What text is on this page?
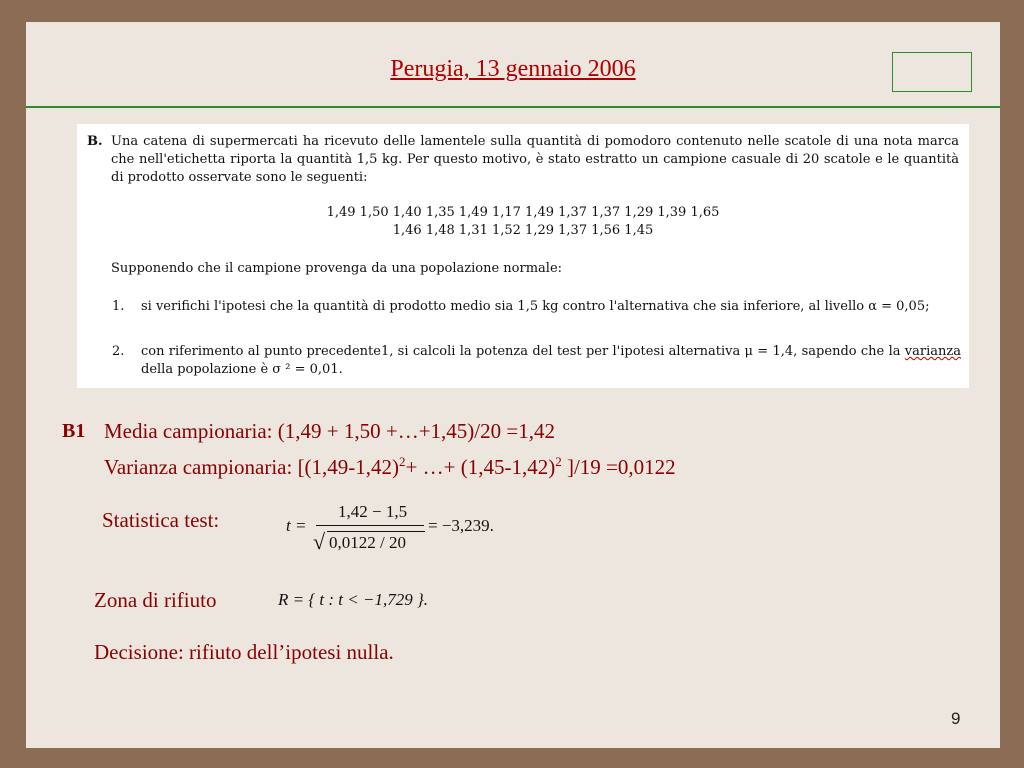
Perugia, 13 gennaio 2006
B. Una catena di supermercati ha ricevuto delle lamentele sulla quantità di pomodoro contenuto nelle scatole di una nota marca che nell'etichetta riporta la quantità 1,5 kg. Per questo motivo, è stato estratto un campione casuale di 20 scatole e le quantità di prodotto osservate sono le seguenti:
1,49 1,50 1,40 1,35 1,49 1,17 1,49 1,37 1,37 1,29 1,39 1,65
1,46 1,48 1,31 1,52 1,29 1,37 1,56 1,45
Supponendo che il campione provenga da una popolazione normale:
1. si verifichi l'ipotesi che la quantità di prodotto medio sia 1,5 kg contro l'alternativa che sia inferiore, al livello α = 0,05;
2. con riferimento al punto precedente1, si calcoli la potenza del test per l'ipotesi alternativa μ = 1,4, sapendo che la varianza della popolazione è σ ² = 0,01.
B1 Media campionaria: (1,49 + 1,50 +…+1,45)/20 =1,42
Varianza campionaria: [$(1,49-1,42)^2+$ …+ $(1,45-1,42)^2$ ]/19 =0,0122
Statistica test:	t =
1,42 − 1,5
√ 0,0122 / 20
= −3,239.
Zona di rifiuto	R = { t : t < −1,729 }.
Decisione: rifiuto dell’ipotesi nulla.
9
